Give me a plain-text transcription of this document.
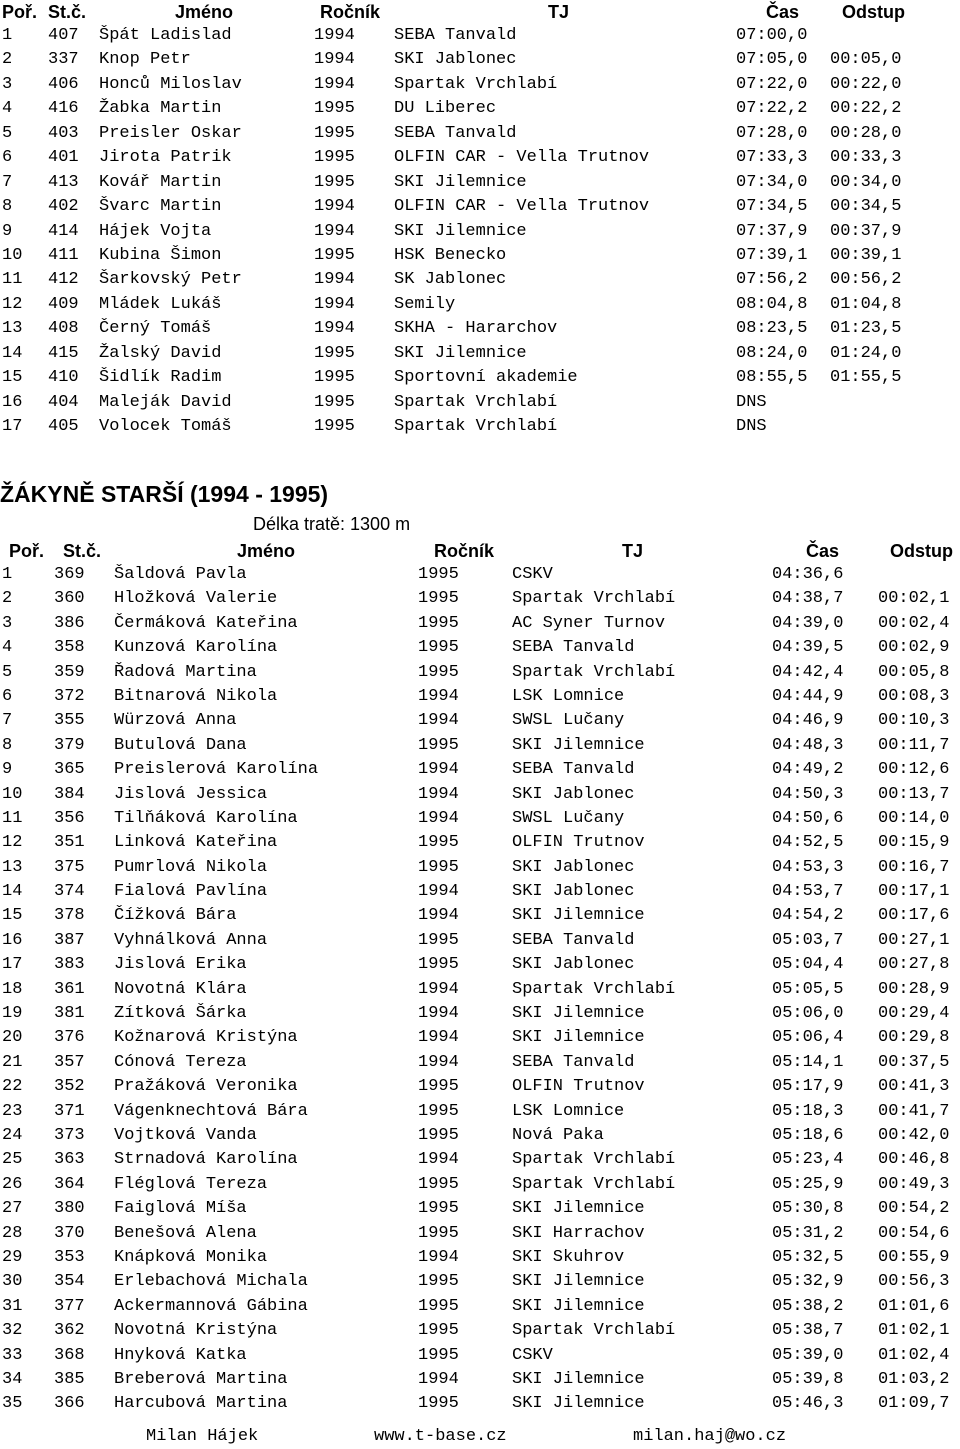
Poř. St.č.	Jméno	Ročník	TJ	Čas Odstup
1 407 Špát Ladislad	1994 SEBA Tanvald	07:00,0
2 337 Knop Petr	1994 SKI Jablonec	07:05,0 00:05,0
3 406 Honců Miloslav	1994 Spartak Vrchlabí	07:22,0 00:22,0
4 416 Žabka Martin	1995 DU Liberec	07:22,2 00:22,2
5 403 Preisler Oskar	1995 SEBA Tanvald	07:28,0 00:28,0
6 401 Jirota Patrik	1995 OLFIN CAR - Vella Trutnov	07:33,3 00:33,3
7 413 Kovář Martin	1995 SKI Jilemnice	07:34,0 00:34,0
8 402 Švarc Martin	1994 OLFIN CAR - Vella Trutnov	07:34,5 00:34,5
9 414 Hájek Vojta	1994 SKI Jilemnice	07:37,9 00:37,9
10 411 Kubina Šimon	1995 HSK Benecko	07:39,1 00:39,1
11 412 Šarkovský Petr	1994 SK Jablonec	07:56,2 00:56,2
12 409 Mládek Lukáš	1994 Semily	08:04,8 01:04,8
13 408 Černý Tomáš	1994 SKHA - Hararchov	08:23,5 01:23,5
14 415 Žalský David	1995 SKI Jilemnice	08:24,0 01:24,0
15 410 Šidlík Radim	1995 Sportovní akademie	08:55,5 01:55,5
16 404 Maleják David	1995 Spartak Vrchlabí	DNS
17 405 Volocek Tomáš	1995 Spartak Vrchlabí	DNS
ŽÁKYNĚ STARŠÍ (1994 - 1995)
Délka tratě: 1300 m
Poř. St.č.	Jméno	Ročník	TJ	Čas	Odstup
1 369 Šaldová Pavla	1995	CSKV	04:36,6
2 360 Hložková Valerie	1995	Spartak Vrchlabí	04:38,7 00:02,1
3 386 Čermáková Kateřina	1995	AC Syner Turnov	04:39,0 00:02,4
4 358 Kunzová Karolína	1995	SEBA Tanvald	04:39,5 00:02,9
5 359 Řadová Martina	1995	Spartak Vrchlabí	04:42,4 00:05,8
6 372 Bitnarová Nikola	1994	LSK Lomnice	04:44,9 00:08,3
7 355 Würzová Anna	1994	SWSL Lučany	04:46,9 00:10,3
8 379 Butulová Dana	1995	SKI Jilemnice	04:48,3 00:11,7
9 365 Preislerová Karolína	1994	SEBA Tanvald	04:49,2 00:12,6
10 384 Jislová Jessica	1994	SKI Jablonec	04:50,3 00:13,7
11 356 Tilňáková Karolína	1994	SWSL Lučany	04:50,6 00:14,0
12 351 Linková Kateřina	1995	OLFIN Trutnov	04:52,5 00:15,9
13 375 Pumrlová Nikola	1995	SKI Jablonec	04:53,3 00:16,7
14 374 Fialová Pavlína	1994	SKI Jablonec	04:53,7 00:17,1
15 378 Čížková Bára	1994	SKI Jilemnice	04:54,2 00:17,6
16 387 Vyhnálková Anna	1995	SEBA Tanvald	05:03,7 00:27,1
17 383 Jislová Erika	1995	SKI Jablonec	05:04,4 00:27,8
18 361 Novotná Klára	1994	Spartak Vrchlabí	05:05,5 00:28,9
19 381 Zítková Šárka	1994	SKI Jilemnice	05:06,0 00:29,4
20 376 Kožnarová Kristýna	1994	SKI Jilemnice	05:06,4 00:29,8
21 357 Cónová Tereza	1994	SEBA Tanvald	05:14,1 00:37,5
22 352 Pražáková Veronika	1995	OLFIN Trutnov	05:17,9 00:41,3
23 371 Vágenknechtová Bára	1995	LSK Lomnice	05:18,3 00:41,7
24 373 Vojtková Vanda	1995	Nová Paka	05:18,6 00:42,0
25 363 Strnadová Karolína	1994	Spartak Vrchlabí	05:23,4 00:46,8
26 364 Fléglová Tereza	1995	Spartak Vrchlabí	05:25,9 00:49,3
27 380 Faiglová Míša	1995	SKI Jilemnice	05:30,8 00:54,2
28 370 Benešová Alena	1995	SKI Harrachov	05:31,2 00:54,6
29 353 Knápková Monika	1994	SKI Skuhrov	05:32,5 00:55,9
30 354 Erlebachová Michala	1995	SKI Jilemnice	05:32,9 00:56,3
31 377 Ackermannová Gábina	1995	SKI Jilemnice	05:38,2 01:01,6
32 362 Novotná Kristýna	1995	Spartak Vrchlabí	05:38,7 01:02,1
33 368 Hnyková Katka	1995	CSKV	05:39,0 01:02,4
34 385 Breberová Martina	1994	SKI Jilemnice	05:39,8 01:03,2
35 366 Harcubová Martina	1995	SKI Jilemnice	05:46,3 01:09,7
Milan Hájek	www.t-base.cz	milan.haj@wo.cz
